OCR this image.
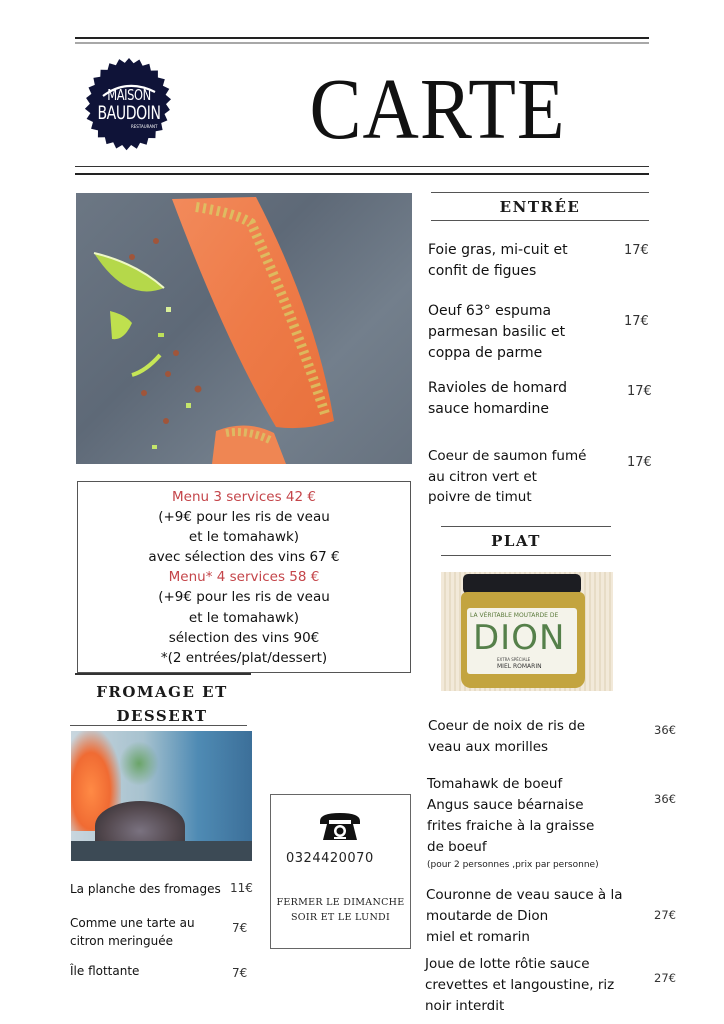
MAISON
BAUDOIN
RESTAURANT CARTE
Menu 3 services 42 €
(+9€ pour les ris de veau
et le tomahawk)
avec sélection des vins 67 €
Menu* 4 services 58 €
(+9€ pour les ris de veau
et le tomahawk)
sélection des vins 90€
*(2 entrées/plat/dessert)
ENTRÉE
Foie gras, mi-cuit et
confit de figues
17€
Oeuf 63° espuma
parmesan basilic et
coppa de parme
17€
Ravioles de homard
sauce homardine
17€
Coeur de saumon fumé
au citron vert et
poivre de timut
17€
PLAT
LA VÉRITABLE MOUTARDE DE
DION
EXTRA SPÉCIALE
MIEL ROMARIN
Coeur de noix de ris de
veau aux morilles
36€
Tomahawk de boeuf
Angus sauce béarnaise
frites fraiche à la graisse
de boeuf
(pour 2 personnes ,prix par personne)
36€
Couronne de veau sauce à la
moutarde de Dion
miel et romarin
27€
Joue de lotte rôtie sauce
crevettes et langoustine, riz
noir interdit
27€
FROMAGE ET
DESSERT
La planche des fromages 11€
Comme une tarte au
citron meringuée
7€
Île flottante	7€
0324420070
FERMER LE DIMANCHE
SOIR ET LE LUNDI
